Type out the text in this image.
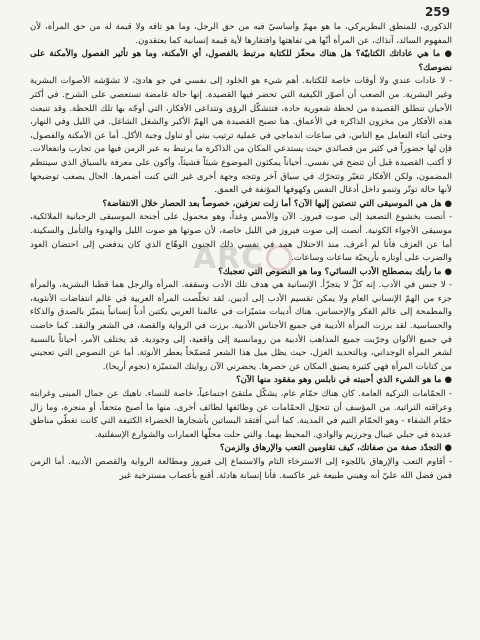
259

الذكوري، للمنطق البطريركي، ما هو مهمّ وأساسيّ فيه من حق الرجل، وما هو تافه ولا قيمة له من حق المرأة، لأن المفهوم السائد، آنذاك، عن المرأة أنّها هي تفاهتها وافتقارها لأية قيمة إنسانية كما يعتقدون.

● ما هي عاداتك الكتابيّة؟ هل هناك محفّز للكتابة مرتبط بالفصول، أي الأمكنة، وما هو تأثير الفصول والأمكنة على نصوصك؟

- لا عادات عندي ولا أوقات خاصة للكتابة. أهم شيء هو الخلود إلى نفسي في جو هادئ، لا تشوّشه الأصوات البشرية وغير البشرية. من الصعب أن أصوّر الكيفية التي تحضر فيها القصيدة. إنها حالة غامضة تستعصي على الشرح. في أكثر الأحيان تنطلق القصيدة من لحظة شعورية حادة، فتتشكّل الرؤى وتتداعى الأفكار، التي أوجّه بها تلك اللحظة. وقد تنبعث هذه الأفكار من مخزون الذاكرة في الأعماق. هنا تصبح القصيدة هي الهمّ الأكبر والشغل الشاغل. في الليل وفي النهار، وحتى أثناء التعامل مع الناس، في ساعات اندماجي في عملية ترتيب بيتي أو تناول وجبة الأكل. أما عن الأمكنة والفصول، فإن لها حضوراً في كثير من قصائدي حيث يستدعي المكان من الذاكرة ما يرتبط به عبر الزمن فيها من تجارب وانفعالات. لا أكتب القصيدة قبل أن تتضح في نفسي. أحياناً يمكثون الموضوع شيئاً فشيئاً، وأكون على معرفة بالسياق الذي سينتظم المضمون، ولكن الأفكار تتغيّر وتتحرّك في سياق آخر وتتجه وجهة أخرى غير التي كنت أضمرها. الحال يصعب توضيحها لأنها حالة توتّر وتنمو داخل أدغال النفس وكهوفها المؤنفة في العمق.

● هل هي الموسيقى التي تنصتين إليها الآن؟ أما زلت تعزفين، خصوصاً بعد الحصار خلال الانتفاضة؟

- أنصت بخشوع التصعيد إلى صوت فيروز. الآن والأمس وغداً، وهو محمول على أجنحة الموسيقى الرحبانية الملائكية، موسيقى الأجواء الكونية. أنصت إلى صوت فيروز في الليل خاصة، لأن صوتها هو صوت الليل والهدوء والتأمل والسكينة. أما عن العزف فأنا لم أعرف. منذ الاحتلال همد في نفسي ذلك الجنون الوهّاج الذي كان يدفعني إلى احتضان العود والضرب على أوتاره بأريحيّة ساعات وساعات.

● ما رأيك بمصطلح الأدب النسائي؟ وما هو النصوص التي تعجبك؟

- لا جنس في الأدب. إنه كلّ لا يتجزّأ. الإنسانية هي هدف تلك الأدب وسقفه. المرأة والرجل هما قطبا البشرية، والمرأة جزء من الهمّ الإنساني العام ولا يمكن تقسيم الأدب إلى أدبين. لقد تخلّصت المرأة العربية في عالم انتفاضات الأنثوية، والمطمحة إلى عالم الفكر والإحساس. هناك أديبات متميّزات في عالمنا العربي يكتبن أدباً إنسانياً يتميّز بالصدق والذكاء والحساسية. لقد برزت المرأة الأديبة في جميع الأجناس الأدبية. برزت في الرواية والقصة، في الشعر والنقد. كما خاضت في جميع الألوان وجرّبت جميع المذاهب الأدبية من رومانسية إلى واقعية، إلى وجودية. قد يختلف الأمر، أحياناً بالنسبة لشعر المرأة الوجداني، وبالتحديد الغزل، حيث يظل ميل هذا الشعر مُضمّخاً بعطر الأنوثة. أما عن النصوص التي تعجبني من كتابات المرأة فهي كثيرة يضيق المكان عن حصرها. يحضرني الآن روايتك المتميّزة (نجوم أريحا).

● ما هو الشيء الذي أحببته في نابلس وهو مفقود منها الآن؟

- الحمّامات التركية العامة. كان هناك حمّام عام، يشكّل ملتقىً اجتماعياً، خاصة للنساء. ناهيك عن جمال المبنى وغرابته وعراقته التراثية. من المؤسف أن تتحوّل الحمّامات عن وظائفها لظائف أخرى. منها ما أصبح متحفاً، أو منجرة، وما زال حمّام الشفاء - وهو الحمّام التيم في المدينة. كما أنني أفتقد البساتين بأشجارها الخضراء الكثيفة التي كانت تغطّي مناطق عديدة في جبلي عيبال وجرزيم والوادي. المحيط بهما. والتي حلت محلّها العمارات والشوارع الإسفلتية.

● التجدّد صفة من صفاتك، كيف تقاومين التعب والإرهاق والزمن؟

- أقاوم التعب والإرهاق باللجوء إلى الاسترخاء التام والاستماع إلى فيروز ومطالعة الرواية والقصص الأدبية. أما الزمن فمن فضل الله عليّ أنه وهبني طبيعة غير عاكسة. فأنا إنسانة هادئة. أقنع بأعصاب مسترخية غير

ARC
